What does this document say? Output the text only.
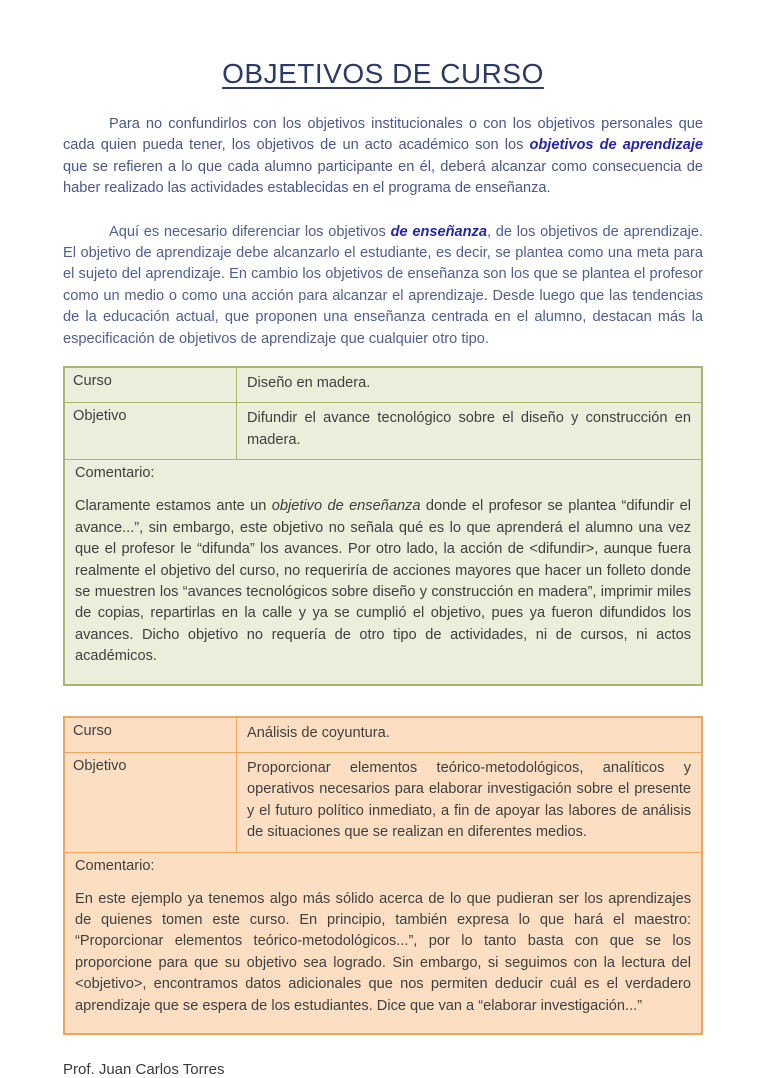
OBJETIVOS DE CURSO

Para no confundirlos con los objetivos institucionales o con los objetivos personales que cada quien pueda tener, los objetivos de un acto académico son los objetivos de aprendizaje que se refieren a lo que cada alumno participante en él, deberá alcanzar como consecuencia de haber realizado las actividades establecidas en el programa de enseñanza.

Aquí es necesario diferenciar los objetivos de enseñanza, de los objetivos de aprendizaje. El objetivo de aprendizaje debe alcanzarlo el estudiante, es decir, se plantea como una meta para el sujeto del aprendizaje. En cambio los objetivos de enseñanza son los que se plantea el profesor como un medio o como una acción para alcanzar el aprendizaje. Desde luego que las tendencias de la educación actual, que proponen una enseñanza centrada en el alumno, destacan más la especificación de objetivos de aprendizaje que cualquier otro tipo.

Curso	Diseño en madera.
Objetivo	Difundir el avance tecnológico sobre el diseño y construcción en madera.

Comentario:

Claramente estamos ante un objetivo de enseñanza donde el profesor se plantea “difundir el avance...”, sin embargo, este objetivo no señala qué es lo que aprenderá el alumno una vez que el profesor le “difunda” los avances. Por otro lado, la acción de <difundir>, aunque fuera realmente el objetivo del curso, no requeriría de acciones mayores que hacer un folleto donde se muestren los “avances tecnológicos sobre diseño y construcción en madera”, imprimir miles de copias, repartirlas en la calle y ya se cumplió el objetivo, pues ya fueron difundidos los avances. Dicho objetivo no requería de otro tipo de actividades, ni de cursos, ni actos académicos.

Curso	Análisis de coyuntura.
Objetivo	Proporcionar elementos teórico-metodológicos, analíticos y operativos necesarios para elaborar investigación sobre el presente y el futuro político inmediato, a fin de apoyar las labores de análisis de situaciones que se realizan en diferentes medios.

Comentario:

En este ejemplo ya tenemos algo más sólido acerca de lo que pudieran ser los aprendizajes de quienes tomen este curso. En principio, también expresa lo que hará el maestro: “Proporcionar elementos teórico-metodológicos...”, por lo tanto basta con que se los proporcione para que su objetivo sea logrado. Sin embargo, si seguimos con la lectura del <objetivo>, encontramos datos adicionales que nos permiten deducir cuál es el verdadero aprendizaje que se espera de los estudiantes. Dice que van a “elaborar investigación...”

Prof. Juan Carlos Torres
